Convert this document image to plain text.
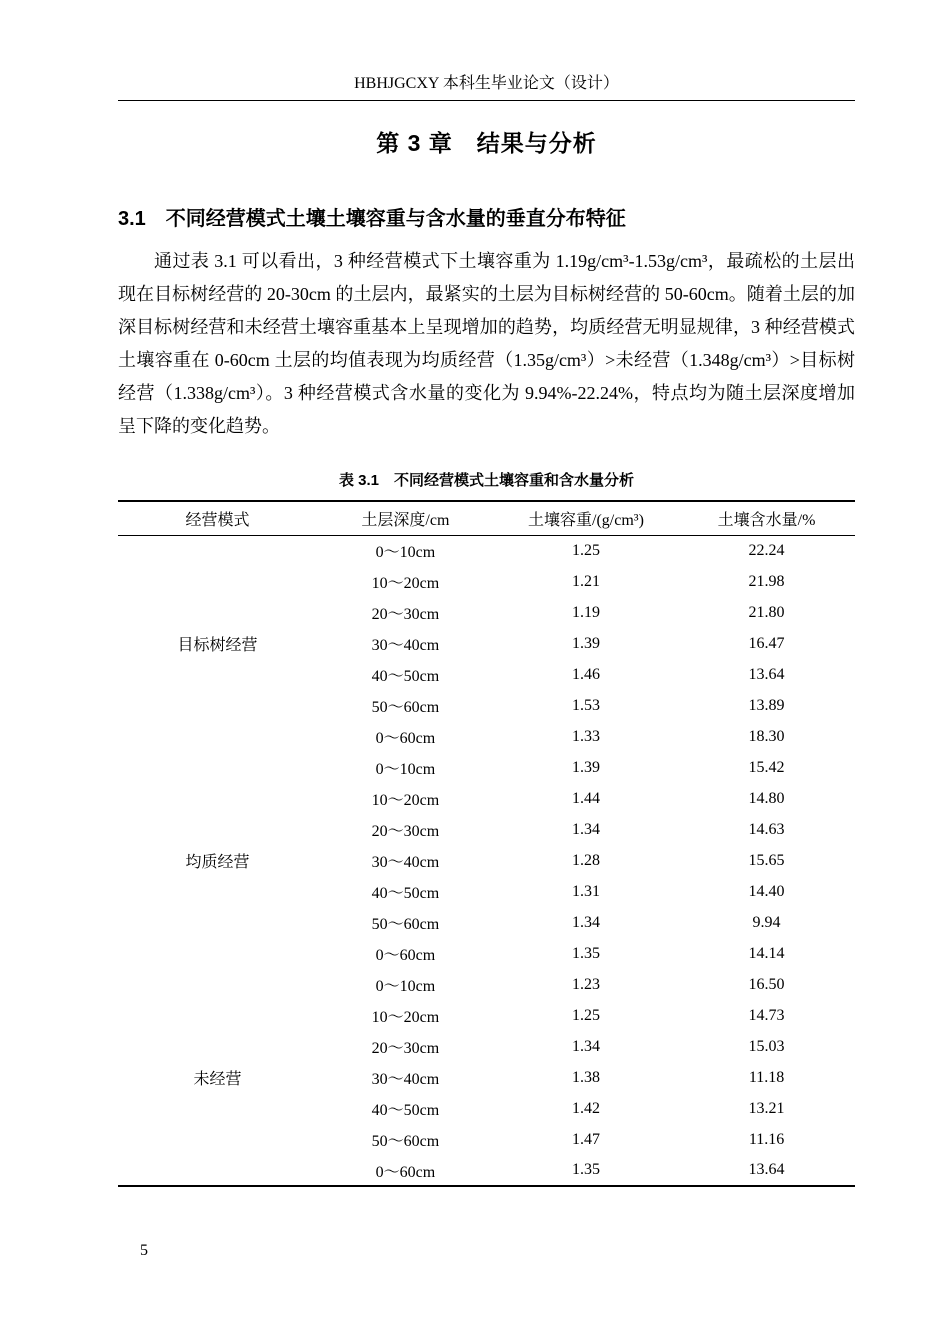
HBHJGCXY 本科生毕业论文（设计）
第 3 章　结果与分析
3.1　不同经营模式土壤土壤容重与含水量的垂直分布特征
通过表 3.1 可以看出，3 种经营模式下土壤容重为 1.19g/cm³-1.53g/cm³，最疏松的土层出现在目标树经营的 20-30cm 的土层内，最紧实的土层为目标树经营的 50-60cm。随着土层的加深目标树经营和未经营土壤容重基本上呈现增加的趋势，均质经营无明显规律，3 种经营模式土壤容重在 0-60cm 土层的均值表现为均质经营（1.35g/cm³）>未经营（1.348g/cm³）>目标树经营（1.338g/cm³）。3 种经营模式含水量的变化为 9.94%-22.24%，特点均为随土层深度增加呈下降的变化趋势。
表 3.1　不同经营模式土壤容重和含水量分析
经营模式	土层深度/cm	土壤容重/(g/cm³)	土壤含水量/%
目标树经营	0～10cm	1.25	22.24
	10～20cm	1.21	21.98
	20～30cm	1.19	21.80
	30～40cm	1.39	16.47
	40～50cm	1.46	13.64
	50～60cm	1.53	13.89
	0～60cm	1.33	18.30
均质经营	0～10cm	1.39	15.42
	10～20cm	1.44	14.80
	20～30cm	1.34	14.63
	30～40cm	1.28	15.65
	40～50cm	1.31	14.40
	50～60cm	1.34	9.94
	0～60cm	1.35	14.14
未经营	0～10cm	1.23	16.50
	10～20cm	1.25	14.73
	20～30cm	1.34	15.03
	30～40cm	1.38	11.18
	40～50cm	1.42	13.21
	50～60cm	1.47	11.16
	0～60cm	1.35	13.64
5
